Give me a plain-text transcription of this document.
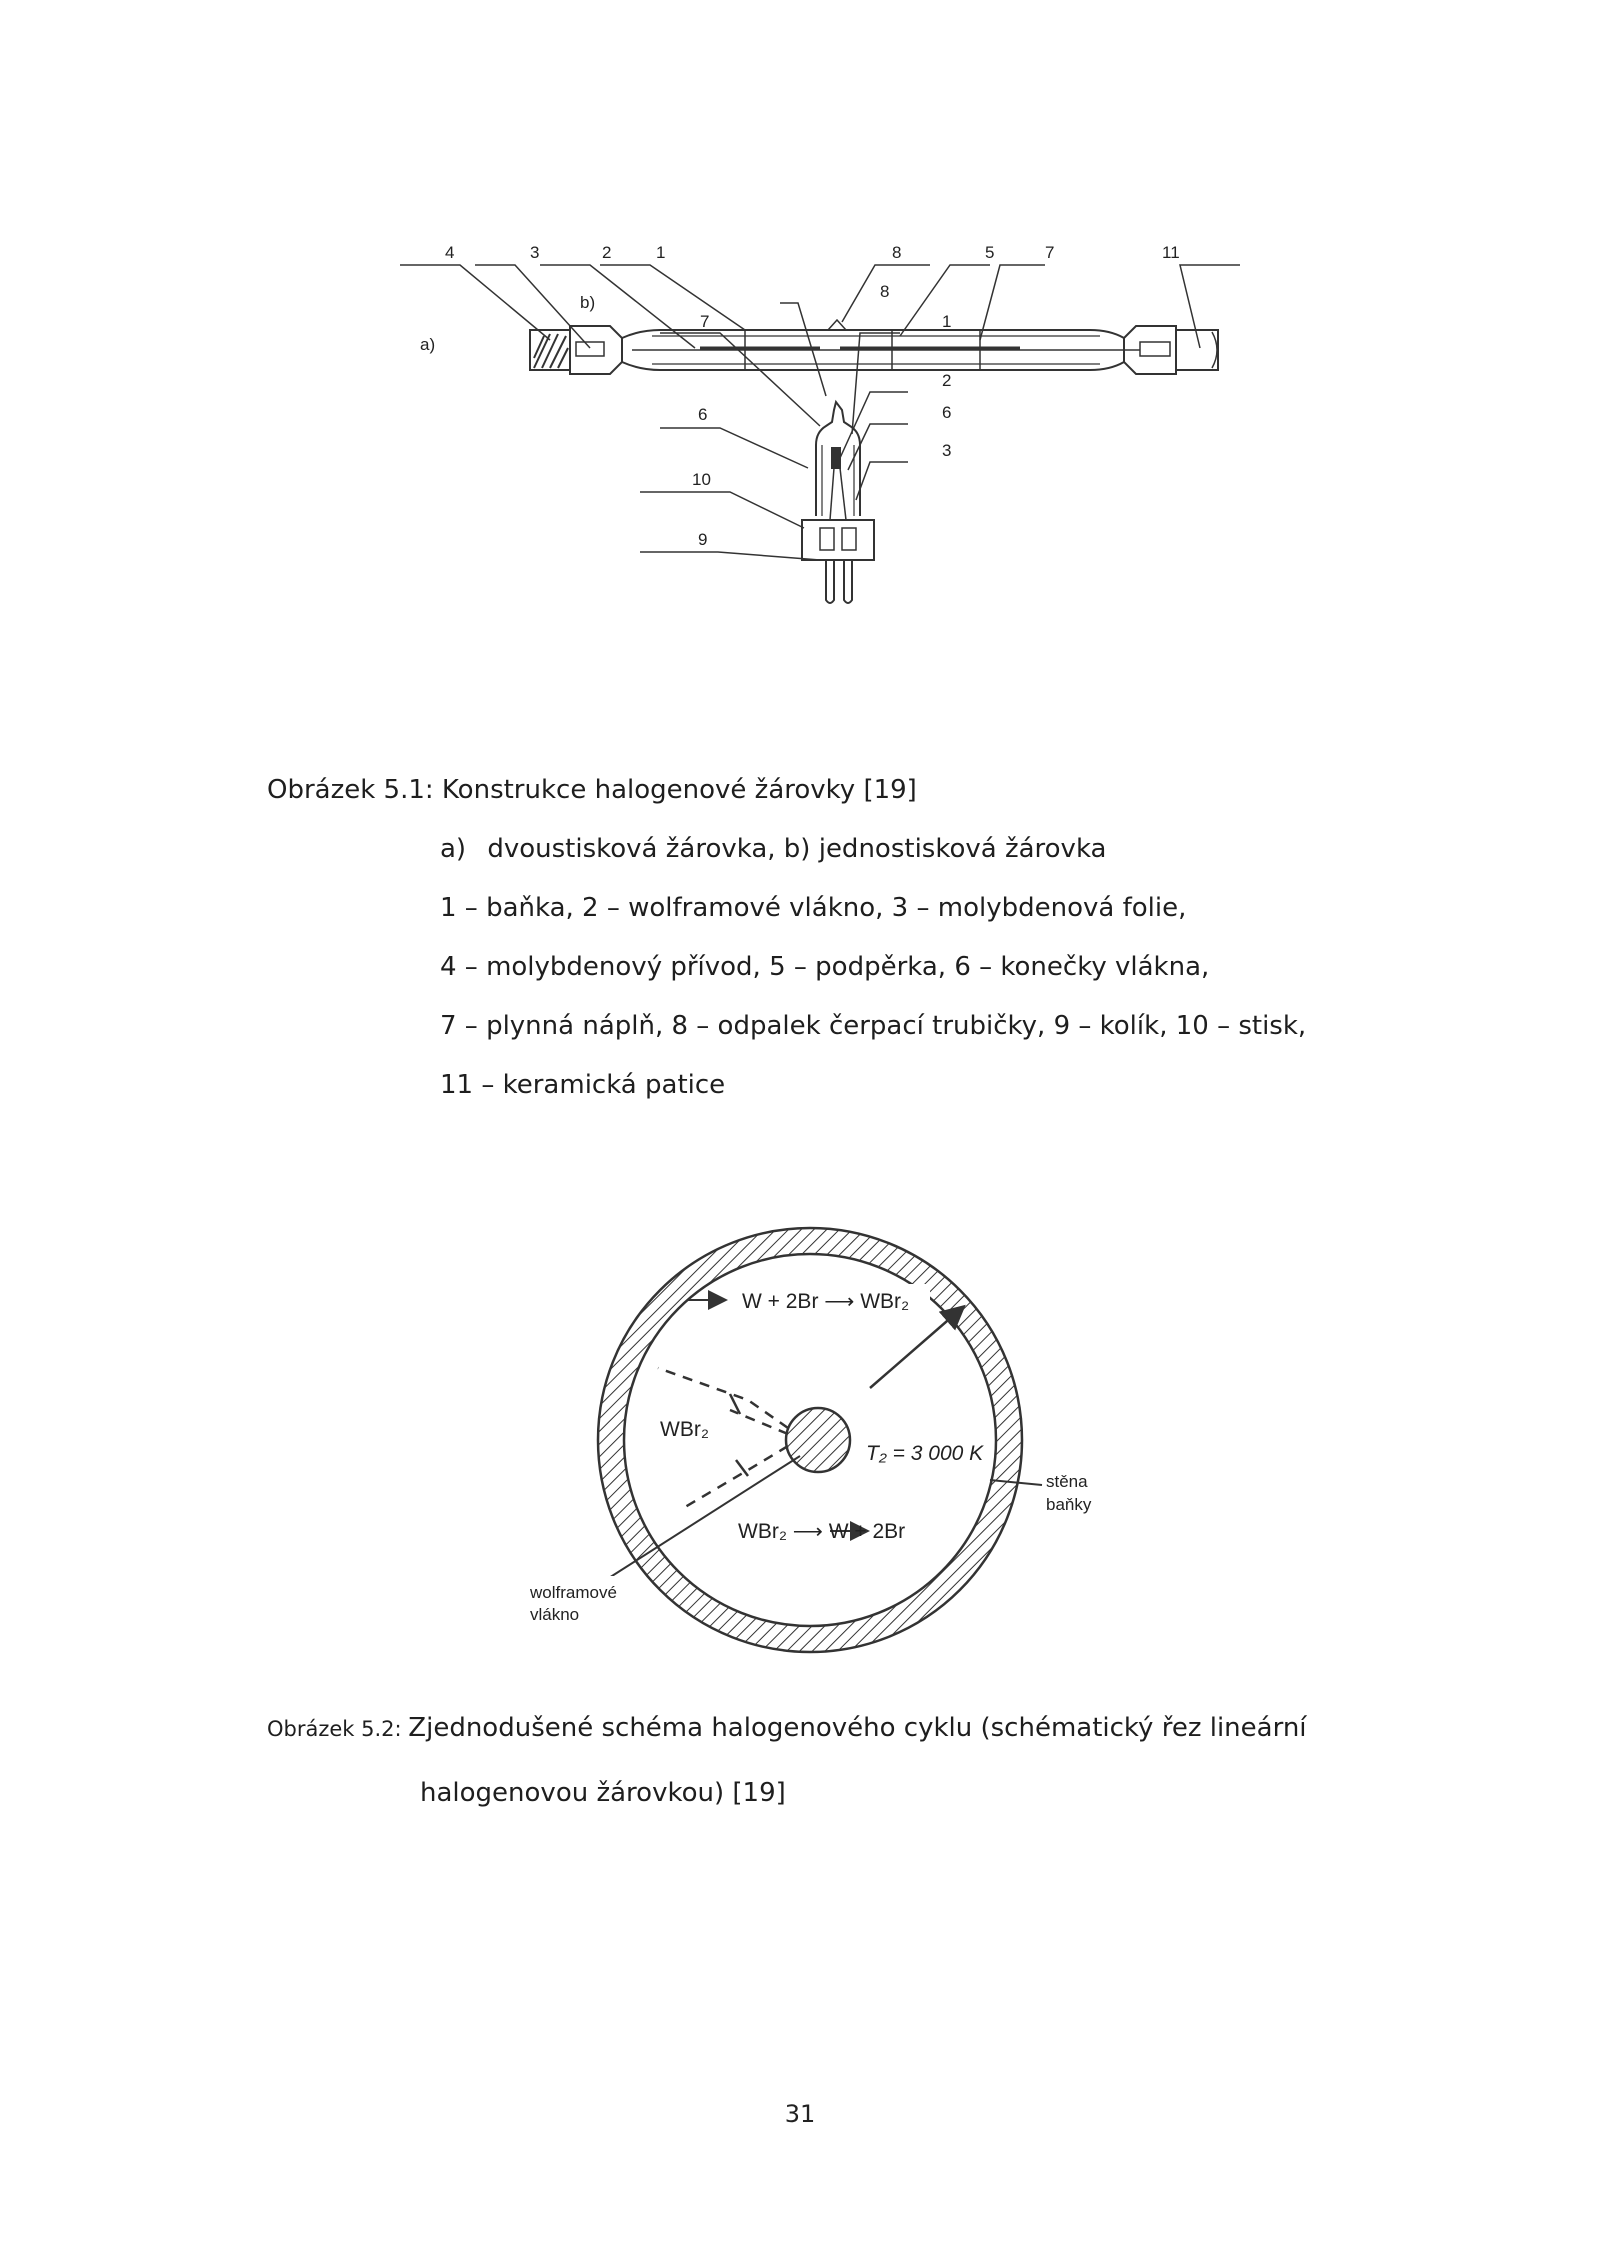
a)
4	3	2	1	8	5	7	11
b)
8
7
6
10
9
1
2
6
3
Obrázek 5.1: Konstrukce halogenové žárovky [19]
a)  dvoustisková žárovka, b) jednostisková žárovka
1 – baňka, 2 – wolframové vlákno, 3 – molybdenová folie,
4 – molybdenový přívod, 5 – podpěrka, 6 – konečky vlákna,
7 – plynná náplň, 8 – odpalek čerpací trubičky, 9 – kolík, 10 – stisk,
11 – keramická patice
W + 2Br ⟶ WBr₂
WBr₂
T₂ = 3 000 K
WBr₂ ⟶ W + 2Br
stěna
baňky
wolframové
vlákno
Obrázek 5.2: Zjednodušené schéma halogenového cyklu (schématický řez lineární
halogenovou žárovkou) [19]
31
